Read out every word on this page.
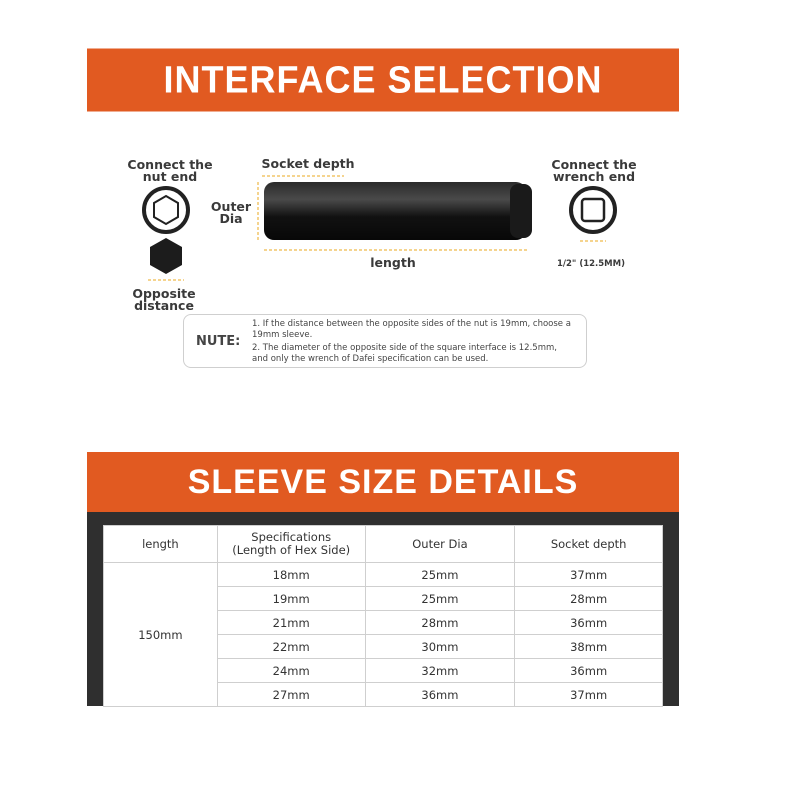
INTERFACE SELECTION
Connect the nut end
Opposite distance
Socket depth
Outer Dia
length
Connect the wrench end
1/2" (12.5MM)
NUTE:
1. If the distance between the opposite sides of the nut is 19mm, choose a 19mm sleeve.
2. The diameter of the opposite side of the square interface is 12.5mm, and only the wrench of Dafei specification can be used.
SLEEVE SIZE DETAILS
length	Specifications (Length of Hex Side)	Outer Dia	Socket depth
150mm	18mm	25mm	37mm
	19mm	25mm	28mm
	21mm	28mm	36mm
	22mm	30mm	38mm
	24mm	32mm	36mm
	27mm	36mm	37mm
